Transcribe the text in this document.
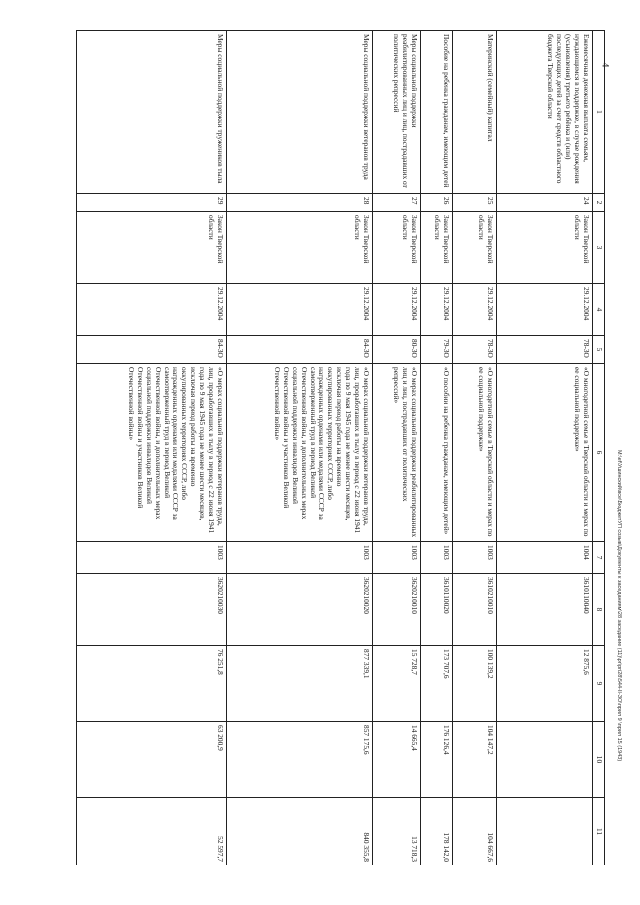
4
M:\ef\Ушинский\все\БюджетУП созыв\Документы к заседаниям\28 заседание (11)\pr\pri28\544-II-ЗО\прил 9 \прил 15 (1943)
1	2	3	4	5	6	7	8	9	10	11
Ежемесячная денежная выплата семьям, нуждающимся в поддержке, в случае рождения (усыновления) третьего ребёнка и (или) последующих детей за счет средств областного бюджета Тверской области	24	Закон Тверской области	29.12.2004	78-ЗО	«О многодетной семье в Тверской области и мерах по ее социальной поддержке»	1004	3610110040	12 875,6		
Материнский (семейный) капитал	25	Закон Тверской области	29.12.2004	78-ЗО	«О многодетной семье в Тверской области и мерах по ее социальной поддержке»	1003	3610210010	100 139,2	104 147,2	104 667,6
Пособие на ребенка гражданам, имеющим детей	26	Закон Тверской области	29.12.2004	79-ЗО	«О пособии на ребенка гражданам, имеющим детей»	1003	3610110020	173 707,6	176 126,4	178 142,0
Меры социальной поддержки реабилитированных лиц и лиц, пострадавших от политических репрессий	27	Закон Тверской области	29.12.2004	80-ЗО	«О мерах социальной поддержки реабилитированных лиц и лиц, пострадавших от политических репрессий»	1003	3620210010	15 728,7	14 665,4	13 718,3
Меры социальной поддержки ветеранов труда	28	Закон Тверской области	29.12.2004	84-ЗО	«О мерах социальной поддержки ветеранов труда, лиц, проработавших в тылу в период с 22 июня 1941 года по 9 мая 1945 года не менее шести месяцев, исключая период работы на временно оккупированных территориях СССР, либо награжденных орденами или медалями СССР за самоотверженный труд в период Великой Отечественной войны, и дополнительных мерах социальной поддержки инвалидов Великой Отечественной войны и участников Великой Отечественной войны»	1003	3620210020	877 339,1	857 175,6	840 355,8
Меры социальной поддержки тружеников тыла	29	Закон Тверской области	29.12.2004	84-ЗО	«О мерах социальной поддержки ветеранов труда, лиц, проработавших в тылу в период с 22 июня 1941 года по 9 мая 1945 года не менее шести месяцев, исключая период работы на временно оккупированных территориях СССР, либо награжденных орденами или медалями СССР за самоотверженный труд в период Великой Отечественной войны, и дополнительных мерах социальной поддержки инвалидов Великой Отечественной войны и участников Великой Отечественной войны»	1003	3620210030	76 251,8	63 200,9	52 597,7
